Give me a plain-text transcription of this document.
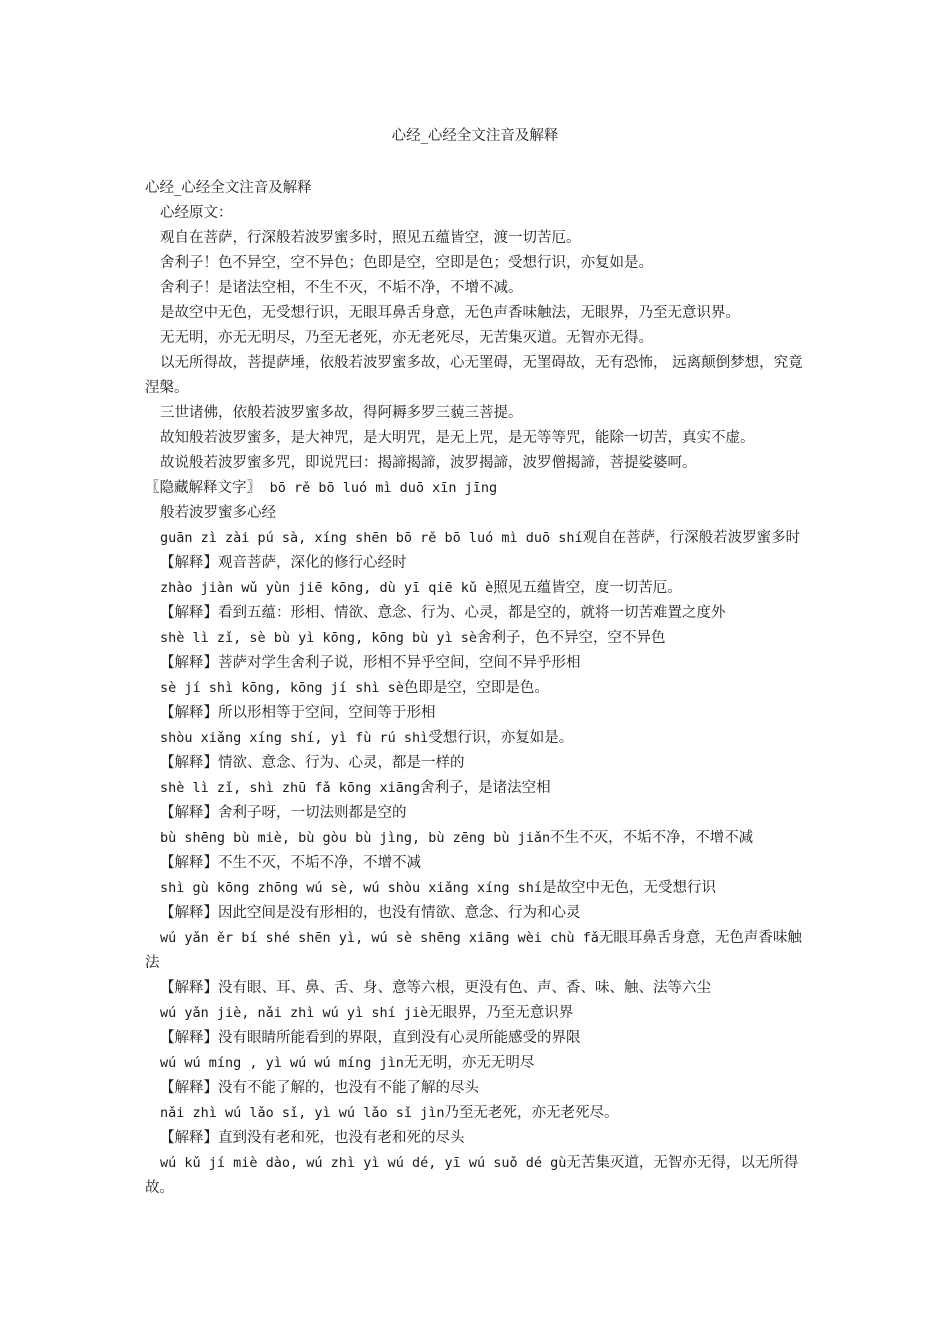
心经_心经全文注音及解释

心经_心经全文注音及解释

心经原文：

观自在菩萨，行深般若波罗蜜多时，照见五蕴皆空，渡一切苦厄。

舍利子！色不异空，空不异色；色即是空，空即是色；受想行识，亦复如是。

舍利子！是诸法空相，不生不灭，不垢不净，不增不减。

是故空中无色，无受想行识，无眼耳鼻舌身意，无色声香味触法，无眼界，乃至无意识界。

无无明，亦无无明尽，乃至无老死，亦无老死尽，无苦集灭道。无智亦无得。

以无所得故，菩提萨埵，依般若波罗蜜多故，心无罣碍，无罣碍故，无有恐怖， 远离颠倒梦想，究竟涅槃。

三世诸佛，依般若波罗蜜多故，得阿耨多罗三藐三菩提。

故知般若波罗蜜多，是大神咒，是大明咒，是无上咒，是无等等咒，能除一切苦，真实不虚。

故说般若波罗蜜多咒，即说咒曰：揭諦揭諦，波罗揭諦，波罗僧揭諦，菩提娑婆呵。

〖隐藏解释文字〗 bō rě bō luó mì duō xīn jīng

般若波罗蜜多心经

guān zì zài pú sà, xíng shēn bō rě bō luó mì duō shí观自在菩萨，行深般若波罗蜜多时

【解释】观音菩萨，深化的修行心经时

zhào jiàn wǔ yùn jiē kōng, dù yī qiē kǔ è照见五蕴皆空，度一切苦厄。

【解释】看到五蕴：形相、情欲、意念、行为、心灵，都是空的，就将一切苦难置之度外

shè lì zǐ, sè bù yì kōng, kōng bù yì sè舍利子，色不异空，空不异色

【解释】菩萨对学生舍利子说，形相不异乎空间，空间不异乎形相

sè jí shì kōng, kōng jí shì sè色即是空，空即是色。

【解释】所以形相等于空间，空间等于形相

shòu xiǎng xíng shí, yì fù rú shì受想行识，亦复如是。

【解释】情欲、意念、行为、心灵，都是一样的

shè lì zǐ, shì zhū fǎ kōng xiāng舍利子，是诸法空相

【解释】舍利子呀，一切法则都是空的

bù shēng bù miè, bù gòu bù jìng, bù zēng bù jiǎn不生不灭，不垢不净，不增不减

【解释】不生不灭，不垢不净，不增不减

shì gù kōng zhōng wú sè, wú shòu xiǎng xíng shí是故空中无色，无受想行识

【解释】因此空间是没有形相的，也没有情欲、意念、行为和心灵

wú yǎn ěr bí shé shēn yì, wú sè shēng xiāng wèi chù fǎ无眼耳鼻舌身意，无色声香味触法

【解释】没有眼、耳、鼻、舌、身、意等六根，更没有色、声、香、味、触、法等六尘

wú yǎn jiè, nǎi zhì wú yì shí jiè无眼界，乃至无意识界

【解释】没有眼睛所能看到的界限，直到没有心灵所能感受的界限

wú wú míng , yì wú wú míng jìn无无明，亦无无明尽

【解释】没有不能了解的，也没有不能了解的尽头

nǎi zhì wú lǎo sǐ, yì wú lǎo sǐ jìn乃至无老死，亦无老死尽。

【解释】直到没有老和死，也没有老和死的尽头

wú kǔ jí miè dào, wú zhì yì wú dé, yī wú suǒ dé gù无苦集灭道，无智亦无得，以无所得故。
